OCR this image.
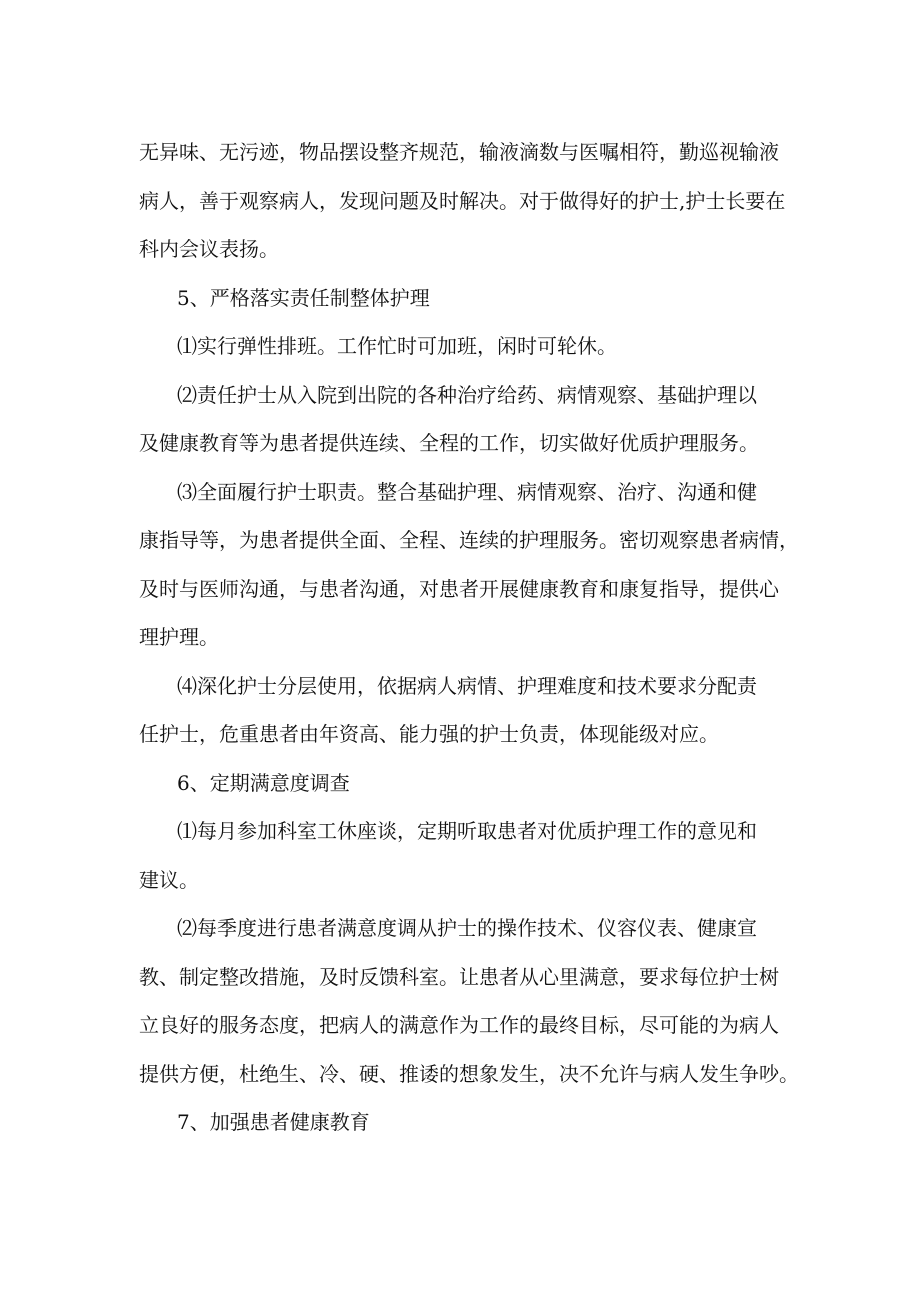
无异味、无污迹，物品摆设整齐规范，输液滴数与医嘱相符，勤巡视输液
病人，善于观察病人，发现问题及时解决。对于做得好的护士,护士长要在
科内会议表扬。
5、严格落实责任制整体护理
⑴实行弹性排班。工作忙时可加班，闲时可轮休。
⑵责任护士从入院到出院的各种治疗给药、病情观察、基础护理以
及健康教育等为患者提供连续、全程的工作，切实做好优质护理服务。
⑶全面履行护士职责。整合基础护理、病情观察、治疗、沟通和健
康指导等，为患者提供全面、全程、连续的护理服务。密切观察患者病情，
及时与医师沟通，与患者沟通，对患者开展健康教育和康复指导，提供心
理护理。
⑷深化护士分层使用，依据病人病情、护理难度和技术要求分配责
任护士，危重患者由年资高、能力强的护士负责，体现能级对应。
6、定期满意度调查
⑴每月参加科室工休座谈，定期听取患者对优质护理工作的意见和
建议。
⑵每季度进行患者满意度调从护士的操作技术、仪容仪表、健康宣
教、制定整改措施，及时反馈科室。让患者从心里满意，要求每位护士树
立良好的服务态度，把病人的满意作为工作的最终目标，尽可能的为病人
提供方便，杜绝生、冷、硬、推诿的想象发生，决不允许与病人发生争吵。
7、加强患者健康教育
